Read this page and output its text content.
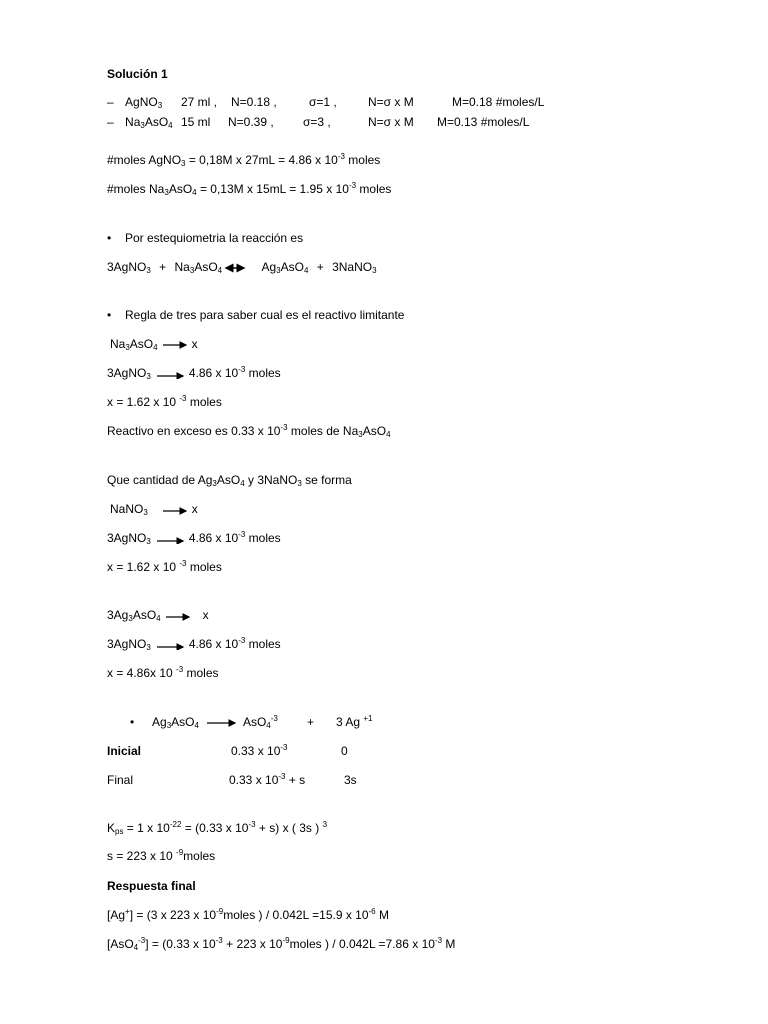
Solución 1
– AgNO$_3$ 27 ml , N=0.18 ,	σ=1 ,	N=σ x M	M=0.18 #moles/L
– $Na_3AsO_4$ 15 ml N=0.39 , σ=3 ,	N=σ x M M=0.13 #moles/L
#moles AgNO$_3$ = 0,18M x 27mL = 4.86 x $10^{-3}$ moles
#moles $Na_3AsO_4 = 0,13M$ x 15mL = 1.95 x $10^{-3}$ moles
• Por estequiometria la reacción es
3AgNO$_3$ + $Na_3AsO_4$	$Ag_3AsO_4$ + 3NaNO$_3$
• Regla de tres para saber cual es el reactivo limitante
$Na_3AsO_4$	x
3AgNO$_3$	4.86 x $10^{-3}$ moles
x = 1.62 x 10 $^{-3}$ moles
Reactivo en exceso es 0.33 x $10^{-3}$ moles de $Na_3AsO_4$
Que cantidad de $Ag_3AsO_4$ y 3NaNO$_3$ se forma
NaNO$_3$	x
3AgNO$_3$	4.86 x $10^{-3}$ moles
x = 1.62 x 10 $^{-3}$ moles
$3Ag_3AsO_4$	x
3AgNO$_3$	4.86 x $10^{-3}$ moles
x = 4.86x 10 $^{-3}$ moles
• $Ag_3AsO_4$	AsO$_4^{-3}$ + 3 Ag $^{+1}$
Inicial	0.33 x $10^{-3}$	0
Final	0.33 x $10^{-3} + s$	3s
$K_{ps} = 1$ x $10^{-22} = (0.33$ x $10^{-3} + s$) x ( 3s ) $^3$
s = 223 x 10 $^{-9}$moles
Respuesta final
[Ag+] = (3 x 223 x $10^{-9}moles$ ) / 0.042L =15.9 x $10^{-6}$ M
[AsO$_4^{-3}$] = (0.33 x $10^{-3} + 223$ x $10^{-9}moles$ ) / 0.042L =7.86 x $10^{-3}$ M
